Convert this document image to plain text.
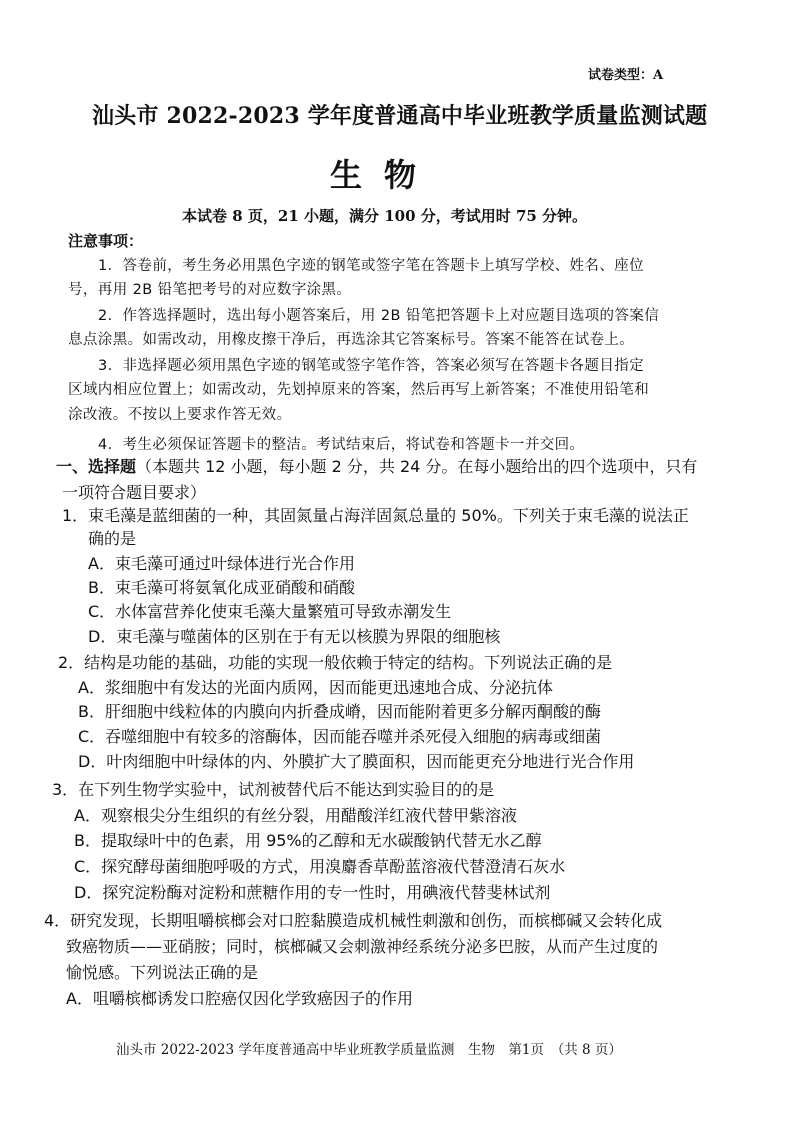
试卷类型：A
汕头市 2022-2023 学年度普通高中毕业班教学质量监测试题
生物
本试卷 8 页，21 小题，满分 100 分，考试用时 75 分钟。
注意事项：
1．答卷前，考生务必用黑色字迹的钢笔或签字笔在答题卡上填写学校、姓名、座位
号，再用 2B 铅笔把考号的对应数字涂黑。
2．作答选择题时，选出每小题答案后，用 2B 铅笔把答题卡上对应题目选项的答案信
息点涂黑。如需改动，用橡皮擦干净后，再选涂其它答案标号。答案不能答在试卷上。
3．非选择题必须用黑色字迹的钢笔或签字笔作答，答案必须写在答题卡各题目指定
区域内相应位置上；如需改动，先划掉原来的答案，然后再写上新答案；不准使用铅笔和
涂改液。不按以上要求作答无效。
4．考生必须保证答题卡的整洁。考试结束后，将试卷和答题卡一并交回。
一、选择题（本题共 12 小题，每小题 2 分，共 24 分。在每小题给出的四个选项中，只有
一项符合题目要求）
1．束毛藻是蓝细菌的一种，其固氮量占海洋固氮总量的 50%。下列关于束毛藻的说法正
确的是
A．束毛藻可通过叶绿体进行光合作用
B．束毛藻可将氨氧化成亚硝酸和硝酸
C．水体富营养化使束毛藻大量繁殖可导致赤潮发生
D．束毛藻与噬菌体的区别在于有无以核膜为界限的细胞核
2．结构是功能的基础，功能的实现一般依赖于特定的结构。下列说法正确的是
A．浆细胞中有发达的光面内质网，因而能更迅速地合成、分泌抗体
B．肝细胞中线粒体的内膜向内折叠成嵴，因而能附着更多分解丙酮酸的酶
C．吞噬细胞中有较多的溶酶体，因而能吞噬并杀死侵入细胞的病毒或细菌
D．叶肉细胞中叶绿体的内、外膜扩大了膜面积，因而能更充分地进行光合作用
3．在下列生物学实验中，试剂被替代后不能达到实验目的的是
A．观察根尖分生组织的有丝分裂，用醋酸洋红液代替甲紫溶液
B．提取绿叶中的色素，用 95%的乙醇和无水碳酸钠代替无水乙醇
C．探究酵母菌细胞呼吸的方式，用溴麝香草酚蓝溶液代替澄清石灰水
D．探究淀粉酶对淀粉和蔗糖作用的专一性时，用碘液代替斐林试剂
4．研究发现，长期咀嚼槟榔会对口腔黏膜造成机械性刺激和创伤，而槟榔碱又会转化成
致癌物质——亚硝胺；同时，槟榔碱又会刺激神经系统分泌多巴胺，从而产生过度的
愉悦感。下列说法正确的是
A．咀嚼槟榔诱发口腔癌仅因化学致癌因子的作用
汕头市 2022-2023 学年度普通高中毕业班教学质量监测　生物　第1页　（共 8 页）
